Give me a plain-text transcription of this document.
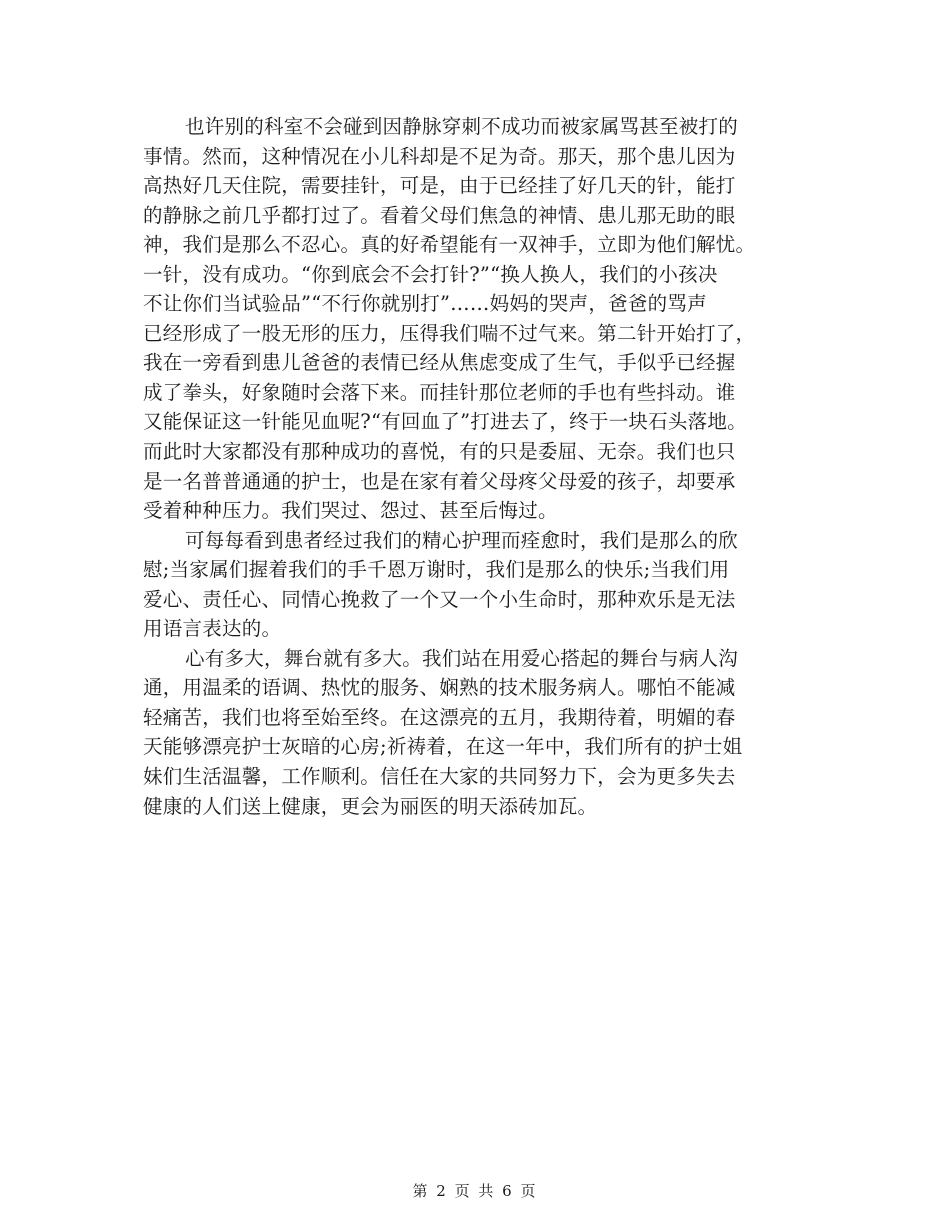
也许别的科室不会碰到因静脉穿刺不成功而被家属骂甚至被打的
事情。然而，这种情况在小儿科却是不足为奇。那天，那个患儿因为
高热好几天住院，需要挂针，可是，由于已经挂了好几天的针，能打
的静脉之前几乎都打过了。看着父母们焦急的神情、患儿那无助的眼
神，我们是那么不忍心。真的好希望能有一双神手，立即为他们解忧。
一针，没有成功。“你到底会不会打针?”“换人换人，我们的小孩决
不让你们当试验品”“不行你就别打”……妈妈的哭声，爸爸的骂声
已经形成了一股无形的压力，压得我们喘不过气来。第二针开始打了，
我在一旁看到患儿爸爸的表情已经从焦虑变成了生气，手似乎已经握
成了拳头，好象随时会落下来。而挂针那位老师的手也有些抖动。谁
又能保证这一针能见血呢?“有回血了”打进去了，终于一块石头落地。
而此时大家都没有那种成功的喜悦，有的只是委屈、无奈。我们也只
是一名普普通通的护士，也是在家有着父母疼父母爱的孩子，却要承
受着种种压力。我们哭过、怨过、甚至后悔过。
可每每看到患者经过我们的精心护理而痊愈时，我们是那么的欣
慰;当家属们握着我们的手千恩万谢时，我们是那么的快乐;当我们用
爱心、责任心、同情心挽救了一个又一个小生命时，那种欢乐是无法
用语言表达的。
心有多大，舞台就有多大。我们站在用爱心搭起的舞台与病人沟
通，用温柔的语调、热忱的服务、娴熟的技术服务病人。哪怕不能减
轻痛苦，我们也将至始至终。在这漂亮的五月，我期待着，明媚的春
天能够漂亮护士灰暗的心房;祈祷着，在这一年中，我们所有的护士姐
妹们生活温馨，工作顺利。信任在大家的共同努力下，会为更多失去
健康的人们送上健康，更会为丽医的明天添砖加瓦。
第 2 页 共 6 页
